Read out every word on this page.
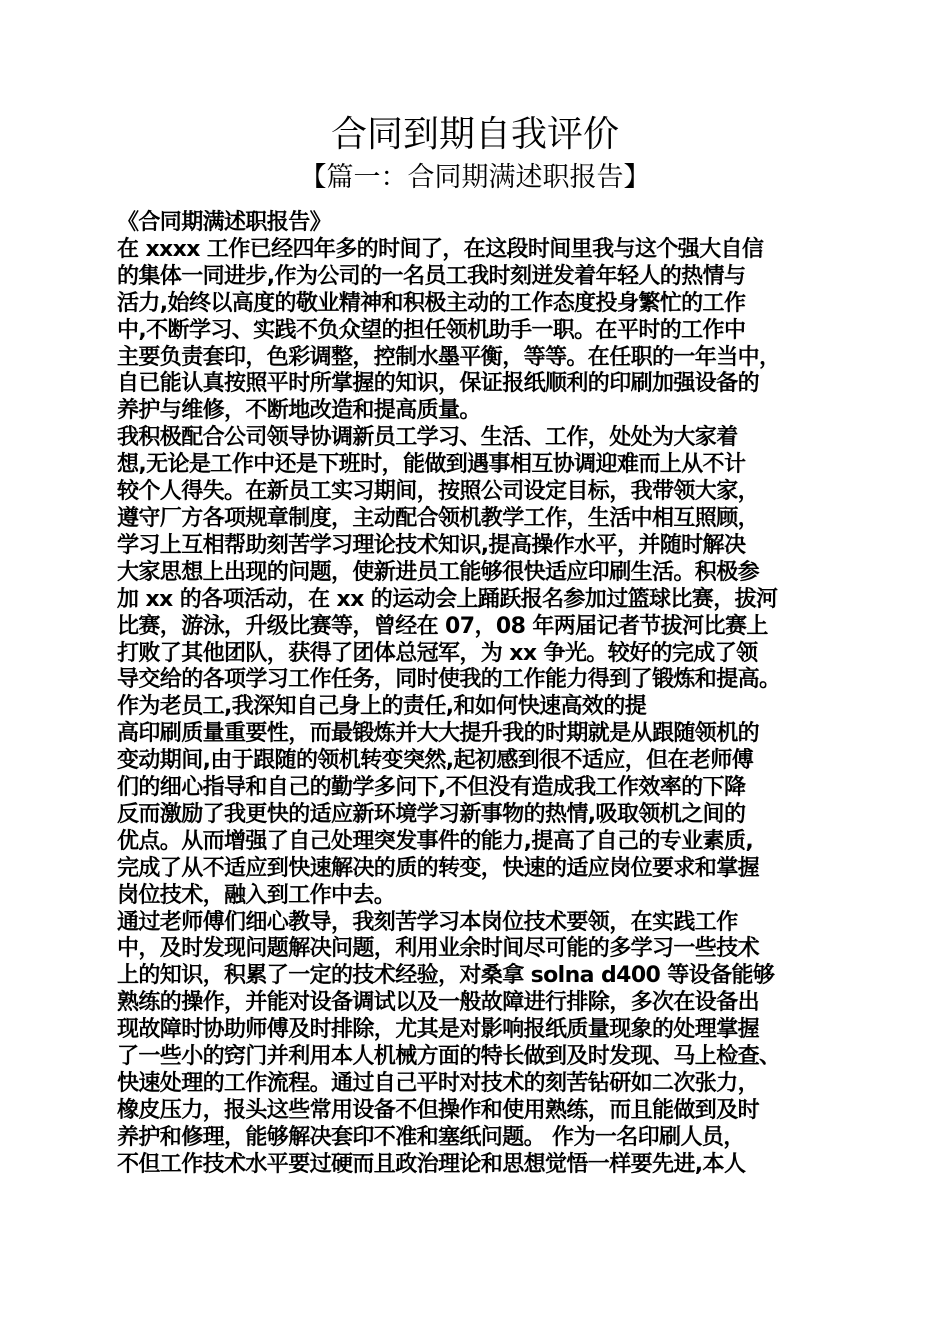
合同到期自我评价
【篇一：合同期满述职报告】
《合同期满述职报告》
在 xxxx 工作已经四年多的时间了，在这段时间里我与这个强大自信
的集体一同进步,作为公司的一名员工我时刻迸发着年轻人的热情与
活力,始终以高度的敬业精神和积极主动的工作态度投身繁忙的工作
中,不断学习、实践不负众望的担任领机助手一职。在平时的工作中
主要负责套印，色彩调整，控制水墨平衡，等等。在任职的一年当中，
自已能认真按照平时所掌握的知识，保证报纸顺利的印刷加强设备的
养护与维修，不断地改造和提高质量。
我积极配合公司领导协调新员工学习、生活、工作，处处为大家着
想,无论是工作中还是下班时，能做到遇事相互协调迎难而上从不计
较个人得失。在新员工实习期间，按照公司设定目标，我带领大家，
遵守厂方各项规章制度，主动配合领机教学工作，生活中相互照顾，
学习上互相帮助刻苦学习理论技术知识,提高操作水平，并随时解决
大家思想上出现的问题，使新进员工能够很快适应印刷生活。积极参
加 xx 的各项活动，在 xx 的运动会上踊跃报名参加过篮球比赛，拔河
比赛，游泳，升级比赛等，曾经在 07，08 年两届记者节拔河比赛上
打败了其他团队，获得了团体总冠军，为 xx 争光。较好的完成了领
导交给的各项学习工作任务，同时使我的工作能力得到了锻炼和提高。
作为老员工,我深知自己身上的责任,和如何快速高效的提
高印刷质量重要性，而最锻炼并大大提升我的时期就是从跟随领机的
变动期间,由于跟随的领机转变突然,起初感到很不适应，但在老师傅
们的细心指导和自己的勤学多问下,不但没有造成我工作效率的下降
反而激励了我更快的适应新环境学习新事物的热情,吸取领机之间的
优点。从而增强了自己处理突发事件的能力,提高了自己的专业素质,
完成了从不适应到快速解决的质的转变，快速的适应岗位要求和掌握
岗位技术，融入到工作中去。
通过老师傅们细心教导，我刻苦学习本岗位技术要领，在实践工作
中，及时发现问题解决问题，利用业余时间尽可能的多学习一些技术
上的知识，积累了一定的技术经验，对桑拿 solna d400 等设备能够
熟练的操作，并能对设备调试以及一般故障进行排除，多次在设备出
现故障时协助师傅及时排除，尤其是对影响报纸质量现象的处理掌握
了一些小的窍门并利用本人机械方面的特长做到及时发现、马上检查、
快速处理的工作流程。通过自己平时对技术的刻苦钻研如二次张力，
橡皮压力，报头这些常用设备不但操作和使用熟练，而且能做到及时
养护和修理，能够解决套印不准和塞纸问题。 作为一名印刷人员，
不但工作技术水平要过硬而且政治理论和思想觉悟一样要先进,本人
